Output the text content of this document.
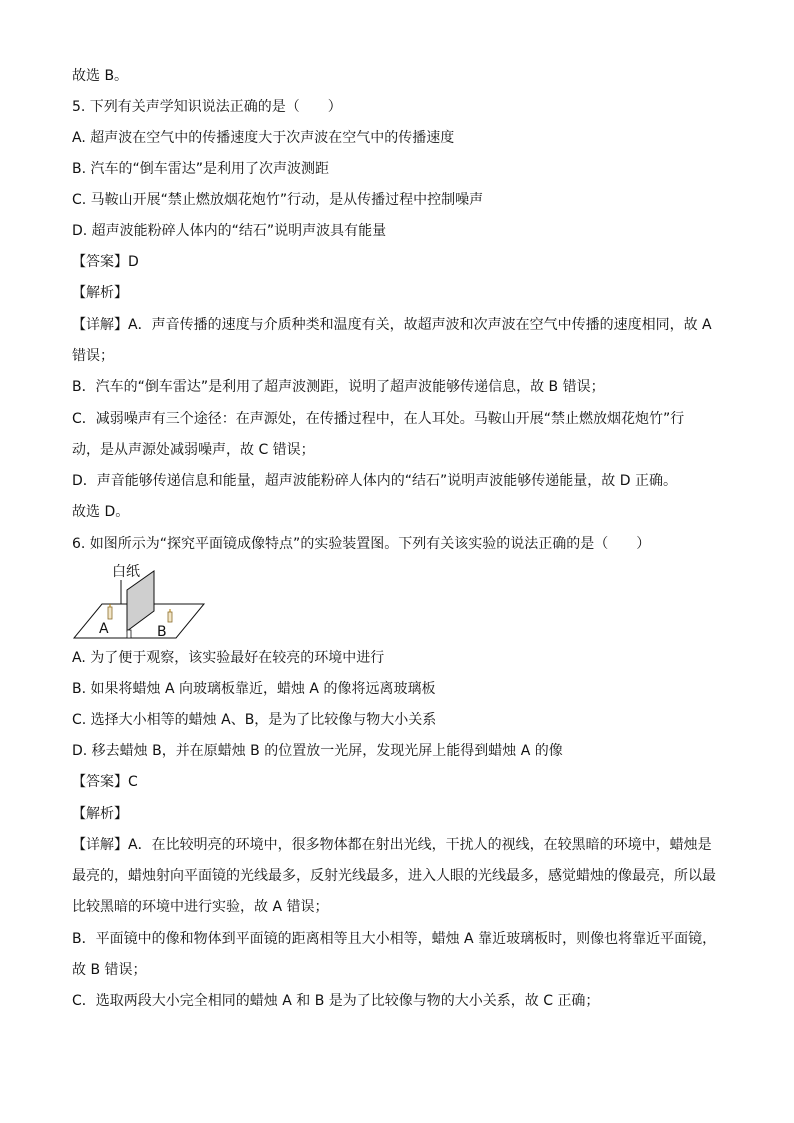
故选 B。
5. 下列有关声学知识说法正确的是（　　）
A. 超声波在空气中的传播速度大于次声波在空气中的传播速度
B. 汽车的“倒车雷达”是利用了次声波测距
C. 马鞍山开展“禁止燃放烟花炮竹”行动，是从传播过程中控制噪声
D. 超声波能粉碎人体内的“结石”说明声波具有能量
【答案】D
【解析】
【详解】A．声音传播的速度与介质种类和温度有关，故超声波和次声波在空气中传播的速度相同，故 A
错误；
B．汽车的“倒车雷达”是利用了超声波测距，说明了超声波能够传递信息，故 B 错误；
C．减弱噪声有三个途径：在声源处，在传播过程中，在人耳处。马鞍山开展“禁止燃放烟花炮竹”行
动，是从声源处减弱噪声，故 C 错误；
D．声音能够传递信息和能量，超声波能粉碎人体内的“结石”说明声波能够传递能量，故 D 正确。
故选 D。
6. 如图所示为“探究平面镜成像特点”的实验装置图。下列有关该实验的说法正确的是（　　）
白纸
A	B
A. 为了便于观察，该实验最好在较亮的环境中进行
B. 如果将蜡烛 A 向玻璃板靠近，蜡烛 A 的像将远离玻璃板
C. 选择大小相等的蜡烛 A、B，是为了比较像与物大小关系
D. 移去蜡烛 B，并在原蜡烛 B 的位置放一光屏，发现光屏上能得到蜡烛 A 的像
【答案】C
【解析】
【详解】A．在比较明亮的环境中，很多物体都在射出光线，干扰人的视线，在较黑暗的环境中，蜡烛是
最亮的，蜡烛射向平面镜的光线最多，反射光线最多，进入人眼的光线最多，感觉蜡烛的像最亮，所以最
比较黑暗的环境中进行实验，故 A 错误；
B．平面镜中的像和物体到平面镜的距离相等且大小相等，蜡烛 A 靠近玻璃板时，则像也将靠近平面镜，
故 B 错误；
C．选取两段大小完全相同的蜡烛 A 和 B 是为了比较像与物的大小关系，故 C 正确；
